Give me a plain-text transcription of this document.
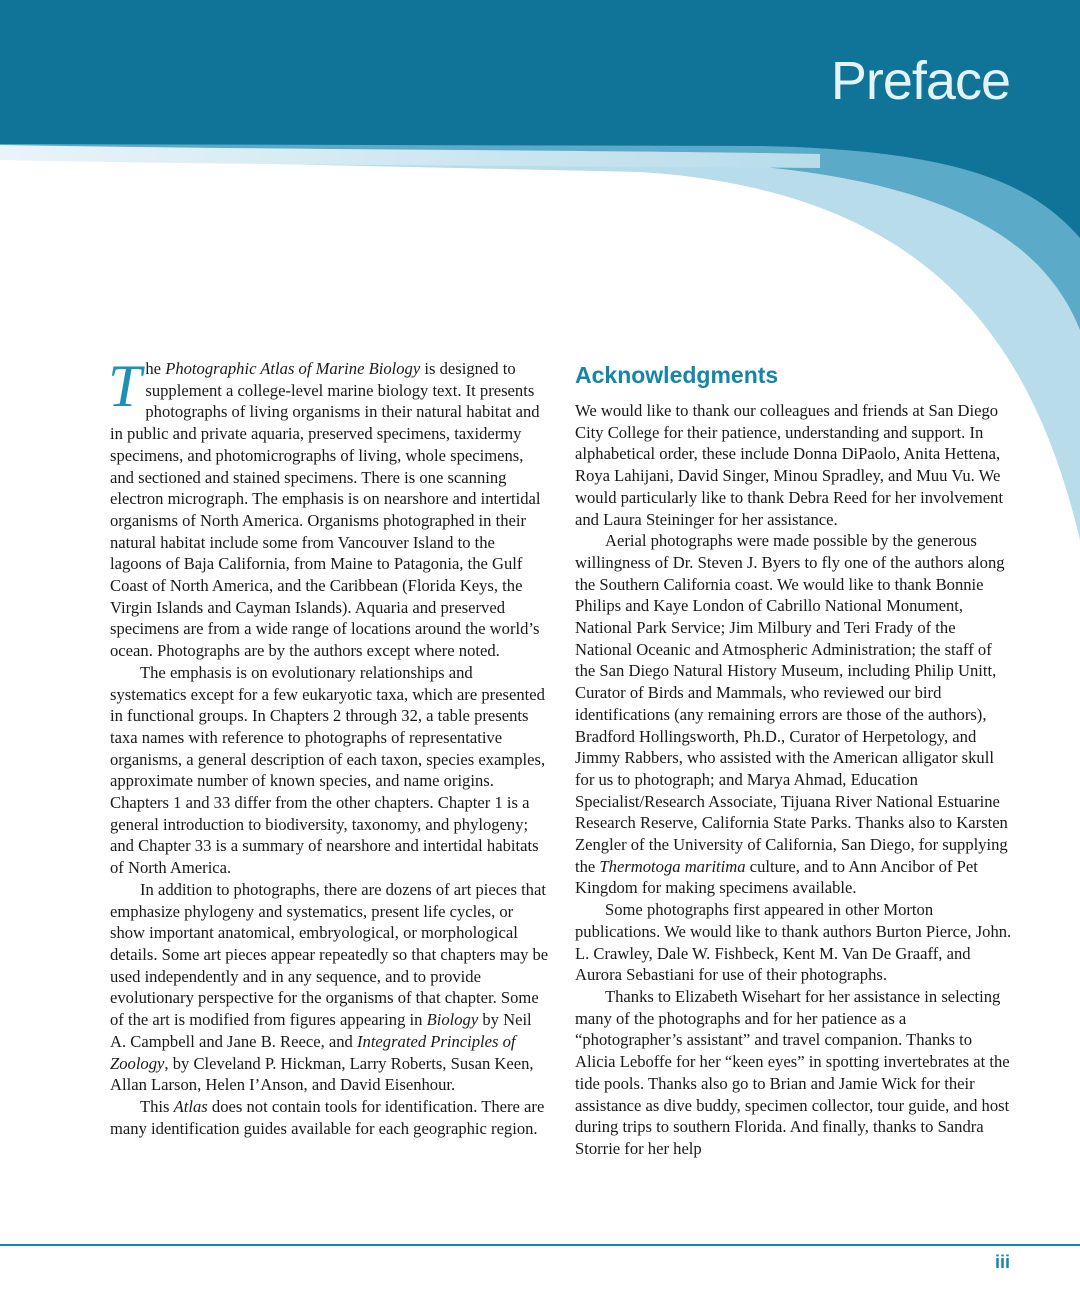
Preface

The Photographic Atlas of Marine Biology is designed to supplement a college-level marine biology text. It presents photographs of living organisms in their natural habitat and in public and private aquaria, preserved specimens, taxidermy specimens, and photomicrographs of living, whole specimens, and sectioned and stained specimens. There is one scanning electron micrograph. The emphasis is on nearshore and intertidal organisms of North America. Organisms photographed in their natural habitat include some from Vancouver Island to the lagoons of Baja California, from Maine to Patagonia, the Gulf Coast of North America, and the Caribbean (Florida Keys, the Virgin Islands and Cayman Islands). Aquaria and preserved specimens are from a wide range of locations around the world’s ocean. Photographs are by the authors except where noted.

The emphasis is on evolutionary relationships and systematics except for a few eukaryotic taxa, which are presented in functional groups. In Chapters 2 through 32, a table presents taxa names with reference to photographs of representative organisms, a general description of each taxon, species examples, approximate number of known species, and name origins. Chapters 1 and 33 differ from the other chapters. Chapter 1 is a general introduction to biodiversity, taxonomy, and phylogeny; and Chapter 33 is a summary of nearshore and intertidal habitats of North America.

In addition to photographs, there are dozens of art pieces that emphasize phylogeny and systematics, present life cycles, or show important anatomical, embryological, or morphological details. Some art pieces appear repeatedly so that chapters may be used independently and in any sequence, and to provide evolutionary perspective for the organisms of that chapter. Some of the art is modified from figures appearing in Biology by Neil A. Campbell and Jane B. Reece, and Integrated Principles of Zoology, by Cleveland P. Hickman, Larry Roberts, Susan Keen, Allan Larson, Helen I’Anson, and David Eisenhour.

This Atlas does not contain tools for identification. There are many identification guides available for each geographic region.

Acknowledgments

We would like to thank our colleagues and friends at San Diego City College for their patience, understanding and support. In alphabetical order, these include Donna DiPaolo, Anita Hettena, Roya Lahijani, David Singer, Minou Spradley, and Muu Vu. We would particularly like to thank Debra Reed for her involvement and Laura Steininger for her assistance.

Aerial photographs were made possible by the generous willingness of Dr. Steven J. Byers to fly one of the authors along the Southern California coast. We would like to thank Bonnie Philips and Kaye London of Cabrillo National Monument, National Park Service; Jim Milbury and Teri Frady of the National Oceanic and Atmospheric Administration; the staff of the San Diego Natural History Museum, including Philip Unitt, Curator of Birds and Mammals, who reviewed our bird identifications (any remaining errors are those of the authors), Bradford Hollingsworth, Ph.D., Curator of Herpetology, and Jimmy Rabbers, who assisted with the American alligator skull for us to photograph; and Marya Ahmad, Education Specialist/Research Associate, Tijuana River National Estuarine Research Reserve, California State Parks. Thanks also to Karsten Zengler of the University of California, San Diego, for supplying the Thermotoga maritima culture, and to Ann Ancibor of Pet Kingdom for making specimens available.

Some photographs first appeared in other Morton publications. We would like to thank authors Burton Pierce, John. L. Crawley, Dale W. Fishbeck, Kent M. Van De Graaff, and Aurora Sebastiani for use of their photographs.

Thanks to Elizabeth Wisehart for her assistance in selecting many of the photographs and for her patience as a “photographer’s assistant” and travel companion. Thanks to Alicia Leboffe for her “keen eyes” in spotting invertebrates at the tide pools. Thanks also go to Brian and Jamie Wick for their assistance as dive buddy, specimen collector, tour guide, and host during trips to southern Florida. And finally, thanks to Sandra Storrie for her help

iii
